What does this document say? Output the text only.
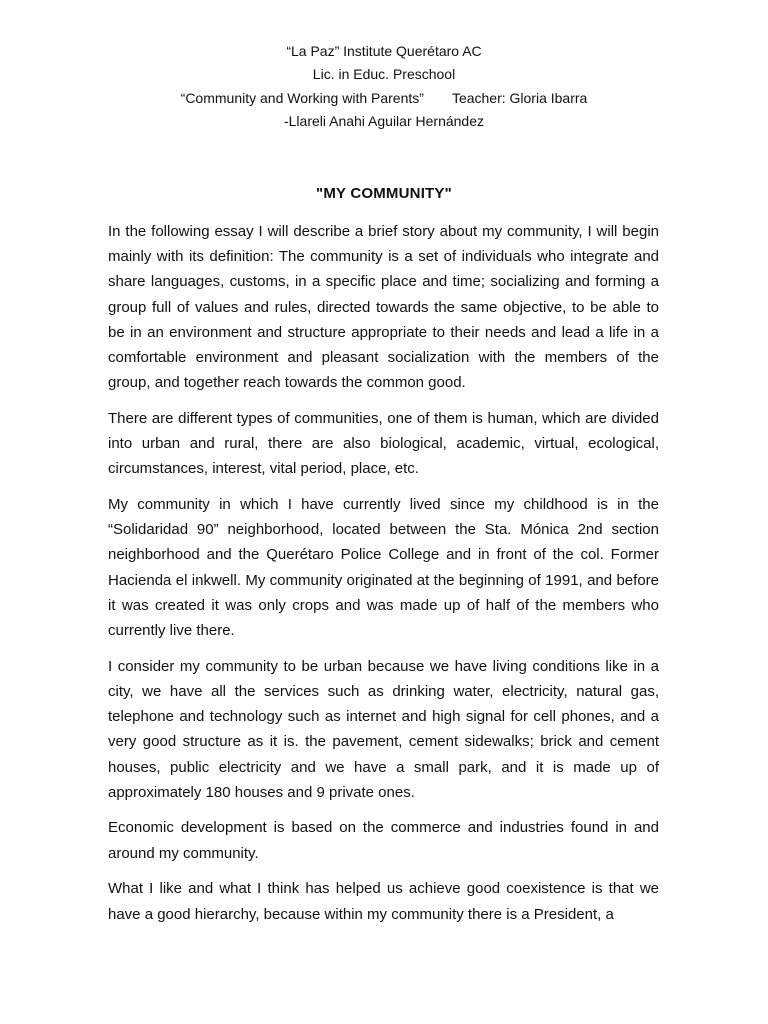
“La Paz” Institute Querétaro AC
Lic. in Educ. Preschool
“Community and Working with Parents” Teacher: Gloria Ibarra
-Llareli Anahi Aguilar Hernández
"MY COMMUNITY"

In the following essay I will describe a brief story about my community, I will begin mainly with its definition: The community is a set of individuals who integrate and share languages, customs, in a specific place and time; socializing and forming a group full of values and rules, directed towards the same objective, to be able to be in an environment and structure appropriate to their needs and lead a life in a comfortable environment and pleasant socialization with the members of the group, and together reach towards the common good.

There are different types of communities, one of them is human, which are divided into urban and rural, there are also biological, academic, virtual, ecological, circumstances, interest, vital period, place, etc.

My community in which I have currently lived since my childhood is in the “Solidaridad 90” neighborhood, located between the Sta. Mónica 2nd section neighborhood and the Querétaro Police College and in front of the col. Former Hacienda el inkwell. My community originated at the beginning of 1991, and before it was created it was only crops and was made up of half of the members who currently live there.

I consider my community to be urban because we have living conditions like in a city, we have all the services such as drinking water, electricity, natural gas, telephone and technology such as internet and high signal for cell phones, and a very good structure as it is. the pavement, cement sidewalks; brick and cement houses, public electricity and we have a small park, and it is made up of approximately 180 houses and 9 private ones.

Economic development is based on the commerce and industries found in and around my community.

What I like and what I think has helped us achieve good coexistence is that we have a good hierarchy, because within my community there is a President, a
